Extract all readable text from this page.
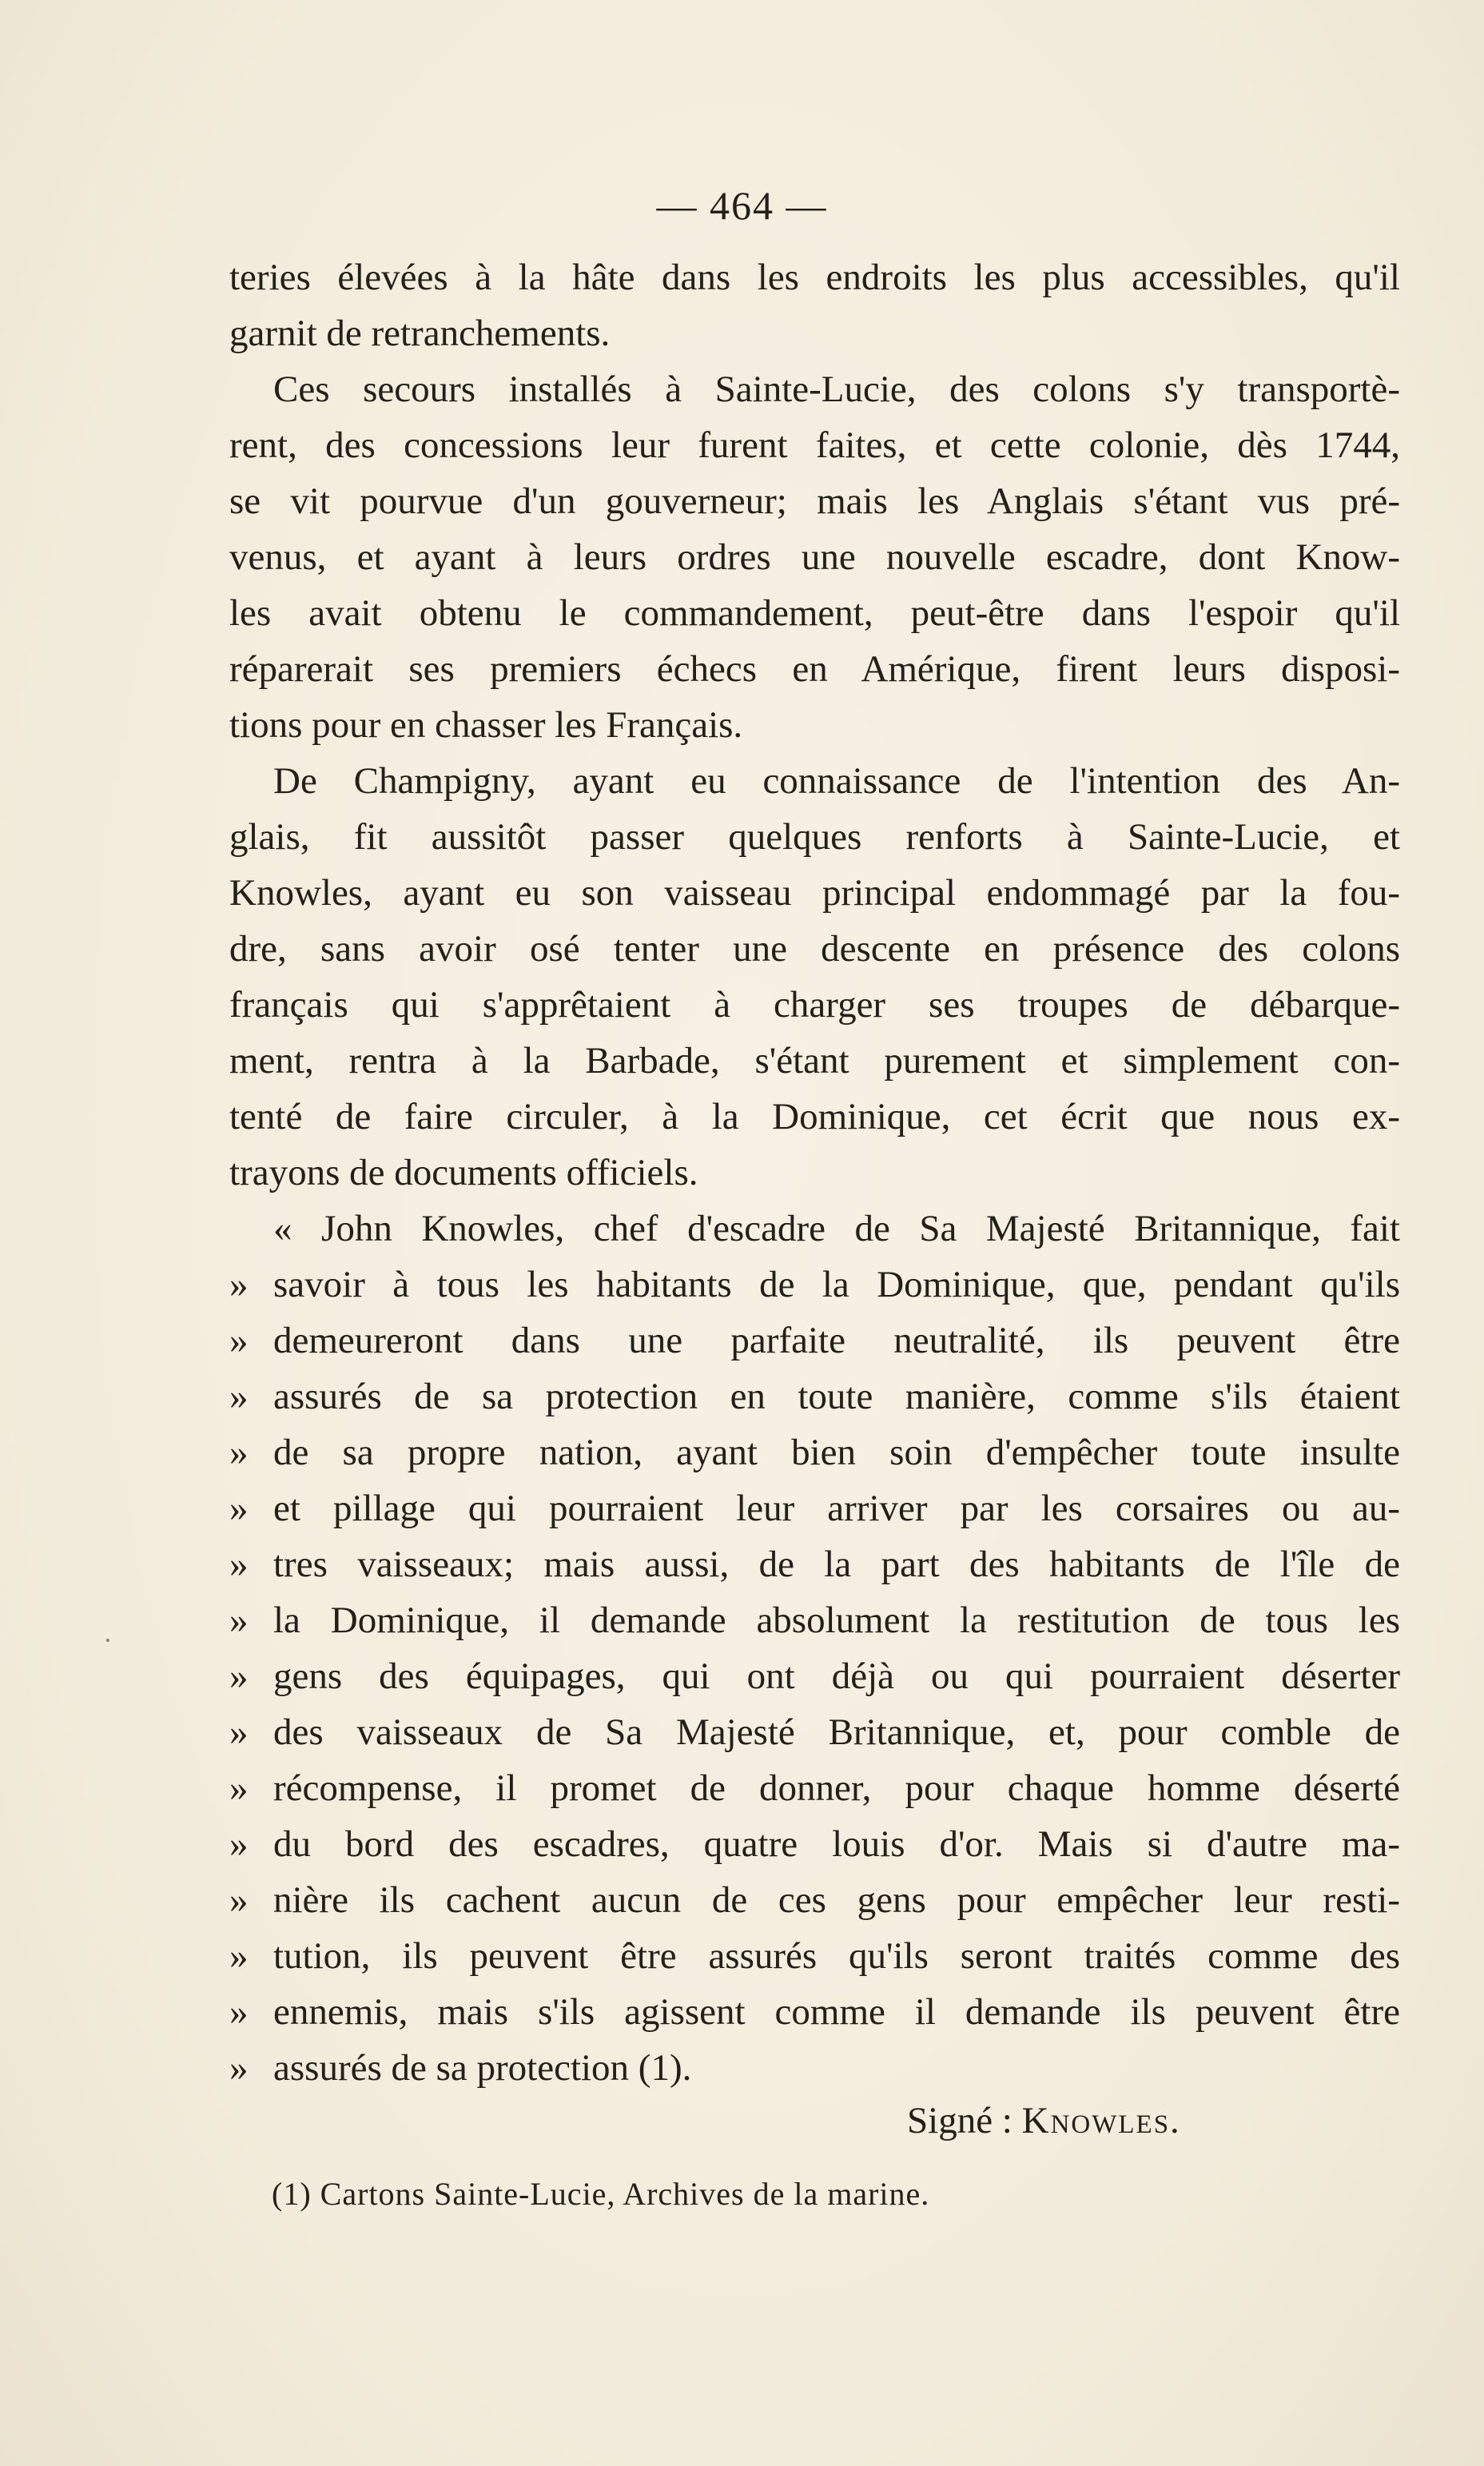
— 464 —
teries élevées à la hâte dans les endroits les plus accessibles, qu'il
garnit de retranchements.
Ces secours installés à Sainte-Lucie, des colons s'y transportè-
rent, des concessions leur furent faites, et cette colonie, dès 1744,
se vit pourvue d'un gouverneur; mais les Anglais s'étant vus pré-
venus, et ayant à leurs ordres une nouvelle escadre, dont Know-
les avait obtenu le commandement, peut-être dans l'espoir qu'il
réparerait ses premiers échecs en Amérique, firent leurs disposi-
tions pour en chasser les Français.
De Champigny, ayant eu connaissance de l'intention des An-
glais, fit aussitôt passer quelques renforts à Sainte-Lucie, et
Knowles, ayant eu son vaisseau principal endommagé par la fou-
dre, sans avoir osé tenter une descente en présence des colons
français qui s'apprêtaient à charger ses troupes de débarque-
ment, rentra à la Barbade, s'étant purement et simplement con-
tenté de faire circuler, à la Dominique, cet écrit que nous ex-
trayons de documents officiels.
« John Knowles, chef d'escadre de Sa Majesté Britannique, fait
» savoir à tous les habitants de la Dominique, que, pendant qu'ils
» demeureront dans une parfaite neutralité, ils peuvent être
» assurés de sa protection en toute manière, comme s'ils étaient
» de sa propre nation, ayant bien soin d'empêcher toute insulte
» et pillage qui pourraient leur arriver par les corsaires ou au-
» tres vaisseaux; mais aussi, de la part des habitants de l'île de
» la Dominique, il demande absolument la restitution de tous les
» gens des équipages, qui ont déjà ou qui pourraient déserter
» des vaisseaux de Sa Majesté Britannique, et, pour comble de
» récompense, il promet de donner, pour chaque homme déserté
» du bord des escadres, quatre louis d'or. Mais si d'autre ma-
» nière ils cachent aucun de ces gens pour empêcher leur resti-
» tution, ils peuvent être assurés qu'ils seront traités comme des
» ennemis, mais s'ils agissent comme il demande ils peuvent être
» assurés de sa protection (1).
Signé : Knowles.
(1) Cartons Sainte-Lucie, Archives de la marine.
